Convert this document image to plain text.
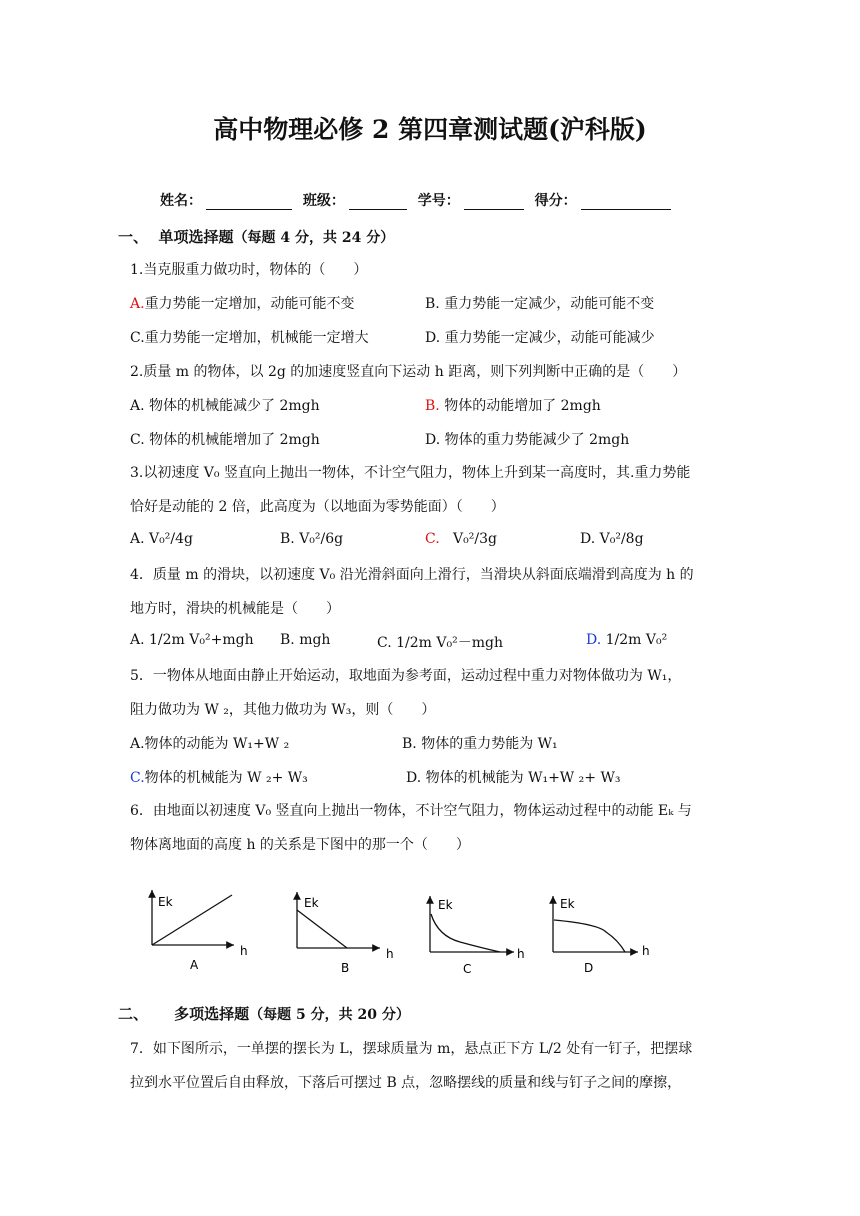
高中物理必修 2 第四章测试题(沪科版)
姓名：	班级：	学号：	得分：
一、 单项选择题（每题 4 分，共 24 分）
1.当克服重力做功时，物体的（　　）
A.重力势能一定增加，动能可能不变	B. 重力势能一定减少，动能可能不变
C.重力势能一定增加，机械能一定增大	D. 重力势能一定减少，动能可能减少
2.质量 m 的物体，以 2g 的加速度竖直向下运动 h 距离，则下列判断中正确的是（　　）
A. 物体的机械能减少了 2mgh	B. 物体的动能增加了 2mgh
C. 物体的机械能增加了 2mgh	D. 物体的重力势能减少了 2mgh
3.以初速度 V₀ 竖直向上抛出一物体，不计空气阻力，物体上升到某一高度时，其.重力势能
恰好是动能的 2 倍，此高度为（以地面为零势能面）（　　）
A. V₀²/4g	B. V₀²/6g	C. V₀²/3g	D. V₀²/8g
4．质量 m 的滑块，以初速度 V₀ 沿光滑斜面向上滑行，当滑块从斜面底端滑到高度为 h 的
地方时，滑块的机械能是（　　）
A. 1/2m V₀²+mgh B. mgh	C. 1/2m V₀²－mgh	D. 1/2m V₀²
5．一物体从地面由静止开始运动，取地面为参考面，运动过程中重力对物体做功为 W₁，
阻力做功为 W ₂，其他力做功为 W₃，则（　　）
A.物体的动能为 W₁+W ₂	B. 物体的重力势能为 W₁
C.物体的机械能为 W ₂+ W₃	D. 物体的机械能为 W₁+W ₂+ W₃
6．由地面以初速度 V₀ 竖直向上抛出一物体，不计空气阻力，物体运动过程中的动能 Eₖ 与
物体离地面的高度 h 的关系是下图中的那一个（　　）
Ek
h
A
Ek
h
B
Ek
h
C
Ek
h
D
二、 多项选择题（每题 5 分，共 20 分）
7．如下图所示，一单摆的摆长为 L，摆球质量为 m，悬点正下方 L/2 处有一钉子，把摆球
拉到水平位置后自由释放，下落后可摆过 B 点，忽略摆线的质量和线与钉子之间的摩擦，
